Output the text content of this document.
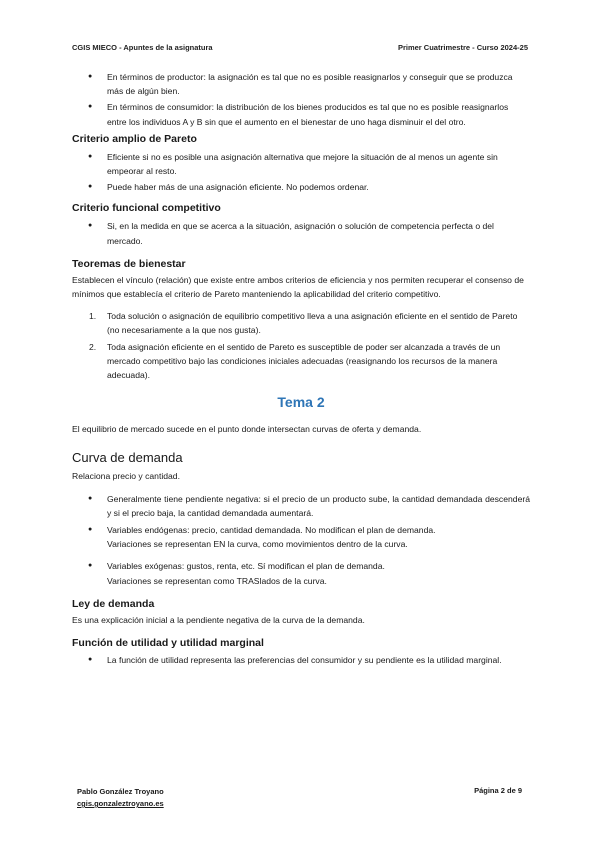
CGIS MIECO - Apuntes de la asignatura	Primer Cuatrimestre - Curso 2024-25
● En términos de productor: la asignación es tal que no es posible reasignarlos y conseguir que se produzca más de algún bien.
● En términos de consumidor: la distribución de los bienes producidos es tal que no es posible reasignarlos entre los individuos A y B sin que el aumento en el bienestar de uno haga disminuir el del otro.
Criterio amplio de Pareto
● Eficiente si no es posible una asignación alternativa que mejore la situación de al menos un agente sin empeorar al resto.
● Puede haber más de una asignación eficiente. No podemos ordenar.
Criterio funcional competitivo
● Si, en la medida en que se acerca a la situación, asignación o solución de competencia perfecta o del mercado.
Teoremas de bienestar

Establecen el vínculo (relación) que existe entre ambos criterios de eficiencia y nos permiten recuperar el consenso de mínimos que establecía el criterio de Pareto manteniendo la aplicabilidad del criterio competitivo.

1. Toda solución o asignación de equilibrio competitivo lleva a una asignación eficiente en el sentido de Pareto (no necesariamente a la que nos gusta).
2. Toda asignación eficiente en el sentido de Pareto es susceptible de poder ser alcanzada a través de un mercado competitivo bajo las condiciones iniciales adecuadas (reasignando los recursos de la manera adecuada).
Tema 2

El equilibrio de mercado sucede en el punto donde intersectan curvas de oferta y demanda.

Curva de demanda

Relaciona precio y cantidad.

● Generalmente tiene pendiente negativa: si el precio de un producto sube, la cantidad demandada descenderá y si el precio baja, la cantidad demandada aumentará.
● Variables endógenas: precio, cantidad demandada. No modifican el plan de demanda.
Variaciones se representan EN la curva, como movimientos dentro de la curva.
● Variables exógenas: gustos, renta, etc. Sí modifican el plan de demanda.
Variaciones se representan como TRASlados de la curva.
Ley de demanda

Es una explicación inicial a la pendiente negativa de la curva de la demanda.

Función de utilidad y utilidad marginal
● La función de utilidad representa las preferencias del consumidor y su pendiente es la utilidad marginal.
Pablo González Troyano
cgis.gonzaleztroyano.es
Página 2 de 9
